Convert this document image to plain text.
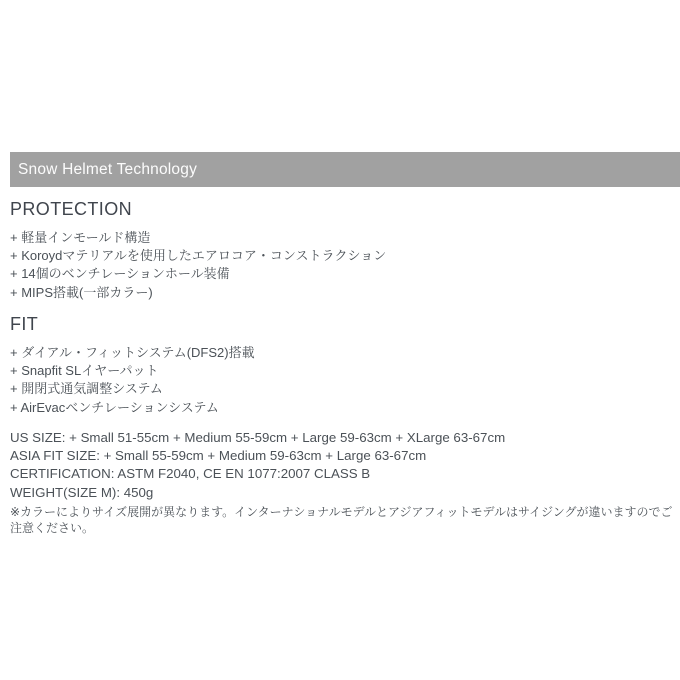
Snow Helmet Technology
PROTECTION
+ 軽量インモールド構造
+ Koroydマテリアルを使用したエアロコア・コンストラクション
+ 14個のベンチレーションホール装備
+ MIPS搭載(一部カラー)
FIT
+ ダイアル・フィットシステム(DFS2)搭載
+ Snapfit SLイヤーパット
+ 開閉式通気調整システム
+ AirEvacベンチレーションシステム
US SIZE: + Small 51-55cm + Medium 55-59cm + Large 59-63cm + XLarge 63-67cm
ASIA FIT SIZE: + Small 55-59cm + Medium 59-63cm + Large 63-67cm
CERTIFICATION: ASTM F2040, CE EN 1077:2007 CLASS B
WEIGHT(SIZE M): 450g
※カラーによりサイズ展開が異なります。インターナショナルモデルとアジアフィットモデルはサイジングが違いますのでご注意ください。
